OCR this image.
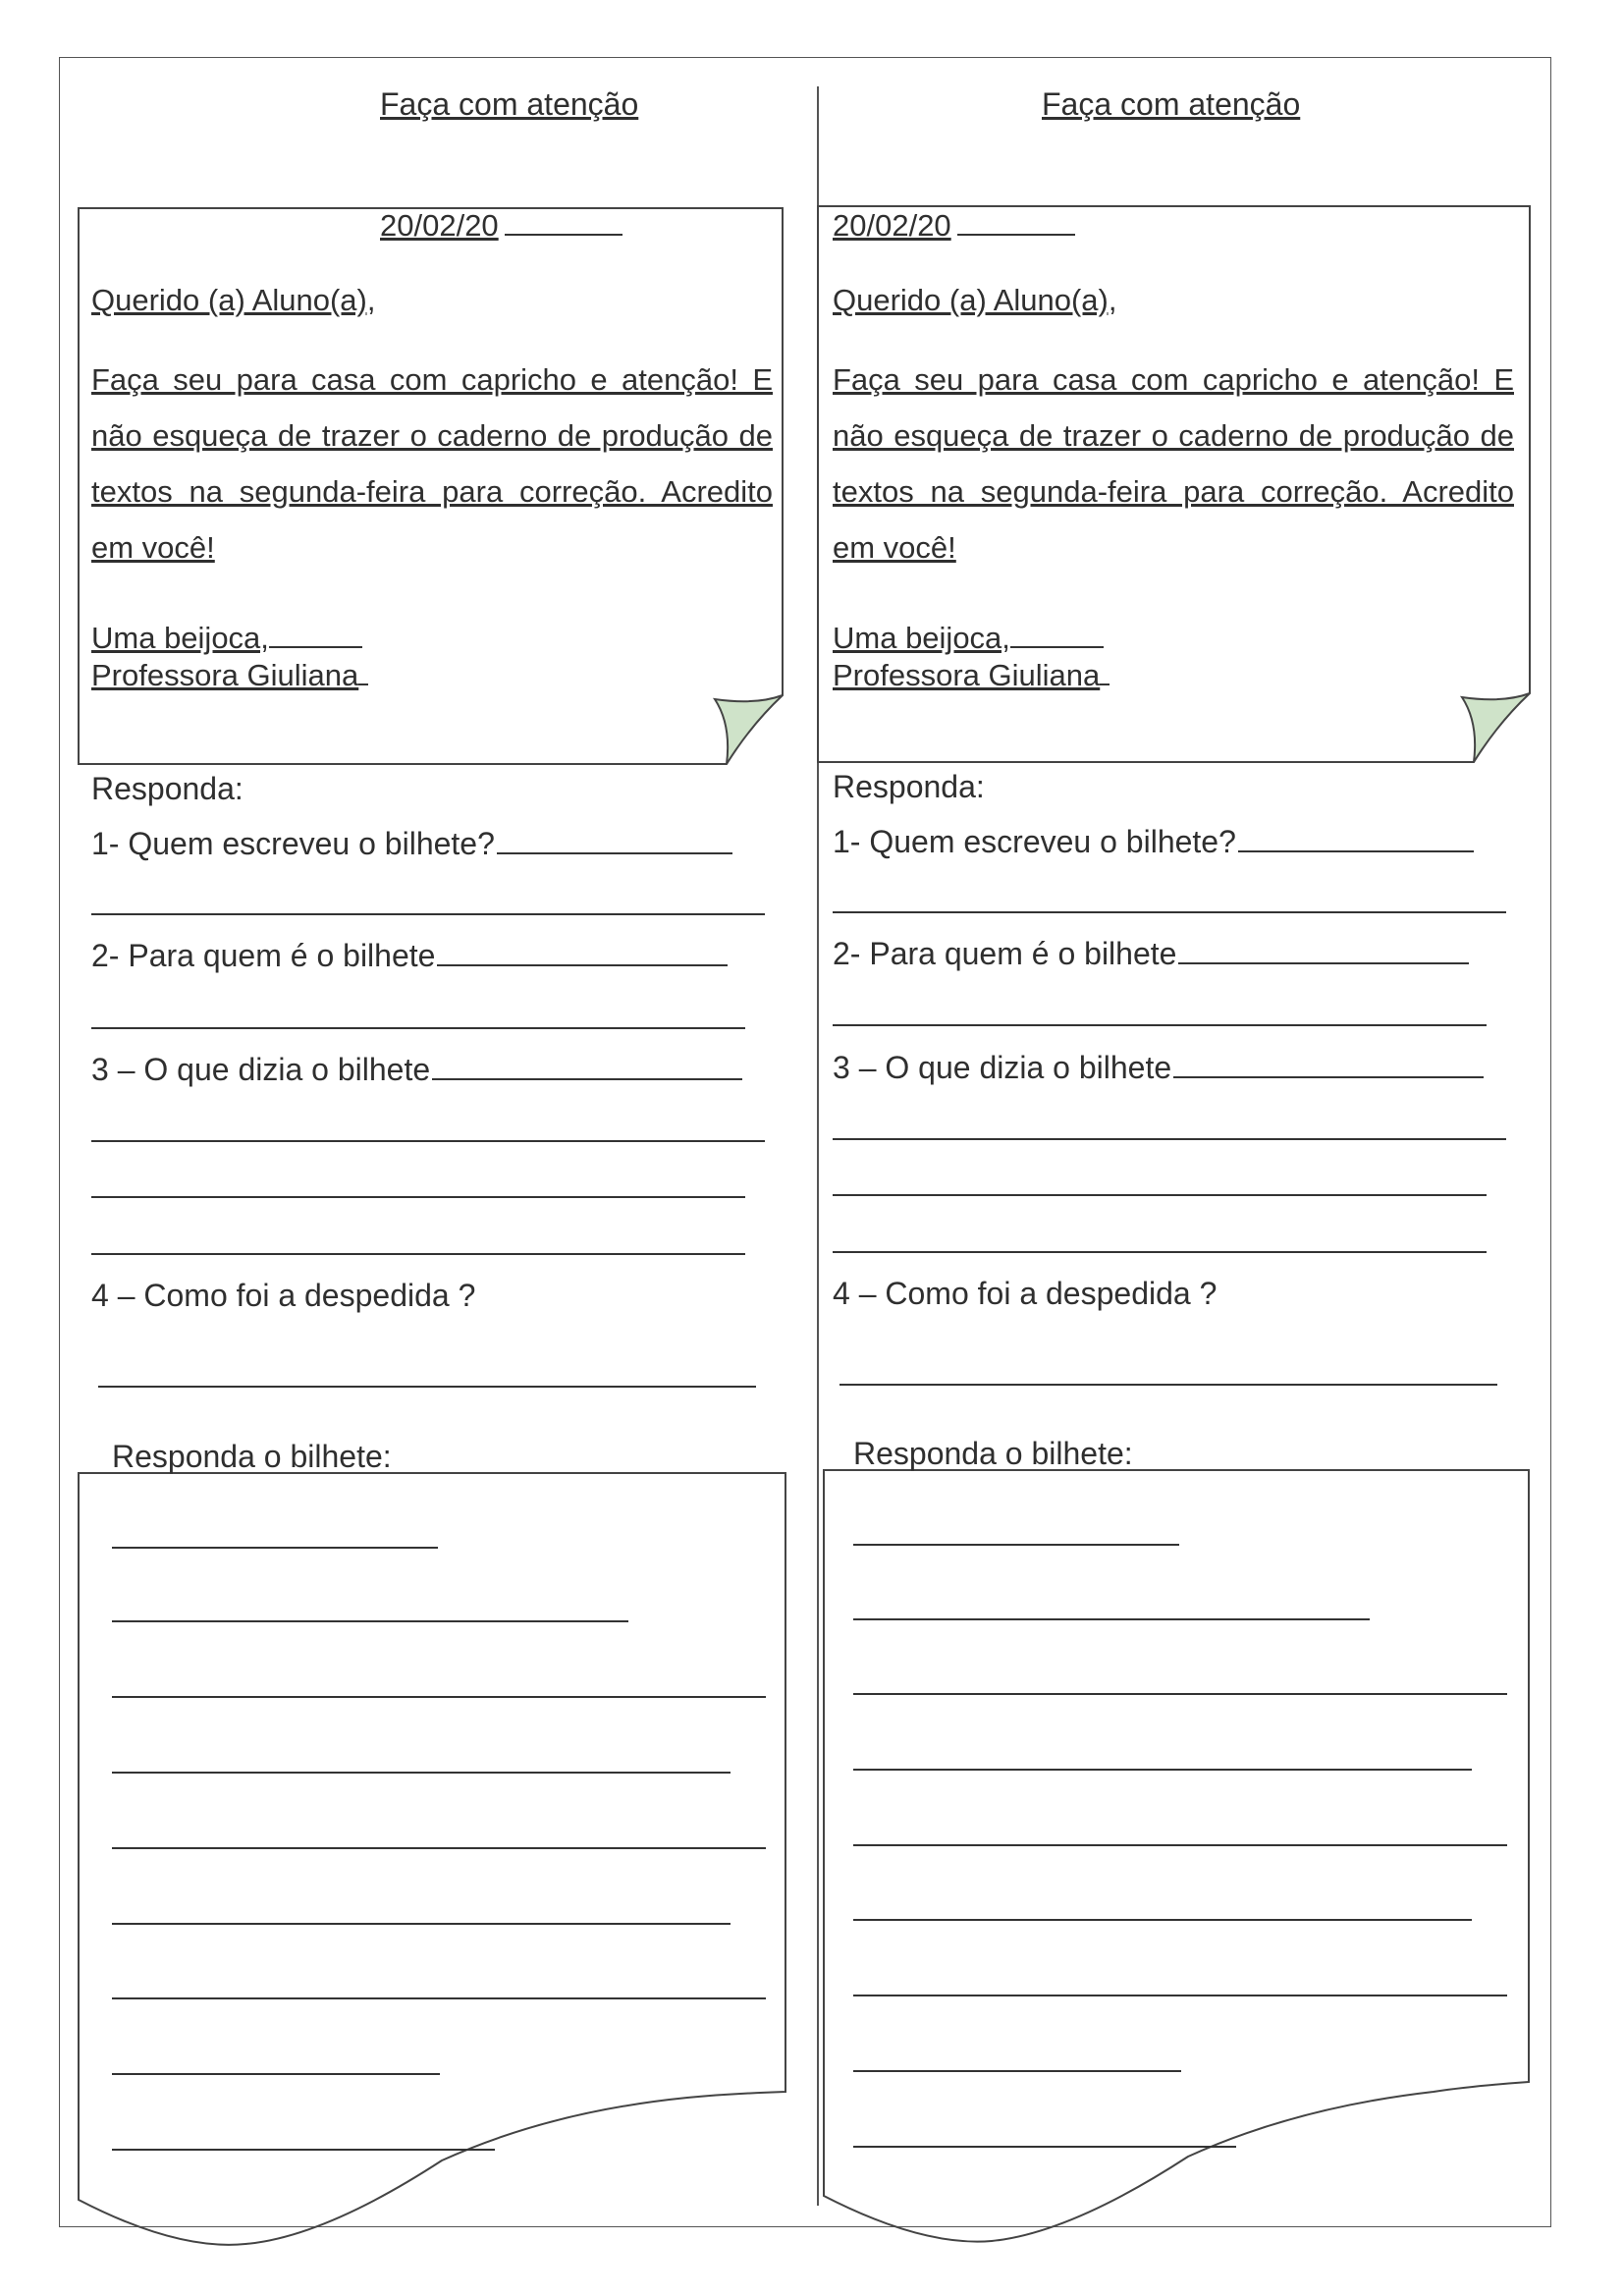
Faça com atenção
20/02/20
Querido (a) Aluno(a),
Faça seu para casa com capricho e atenção! E não esqueça de trazer o caderno de produção de textos na segunda-feira para correção. Acredito em você!
Uma beijoca,
Professora Giuliana
Responda:
1- Quem escreveu o bilhete?
2- Para quem é o bilhete
3 – O que dizia o bilhete
4 – Como foi a despedida ?
Responda o bilhete:
Faça com atenção
20/02/20
Querido (a) Aluno(a),
Faça seu para casa com capricho e atenção! E não esqueça de trazer o caderno de produção de textos na segunda-feira para correção. Acredito em você!
Uma beijoca,
Professora Giuliana
Responda:
1- Quem escreveu o bilhete?
2- Para quem é o bilhete
3 – O que dizia o bilhete
4 – Como foi a despedida ?
Responda o bilhete:
